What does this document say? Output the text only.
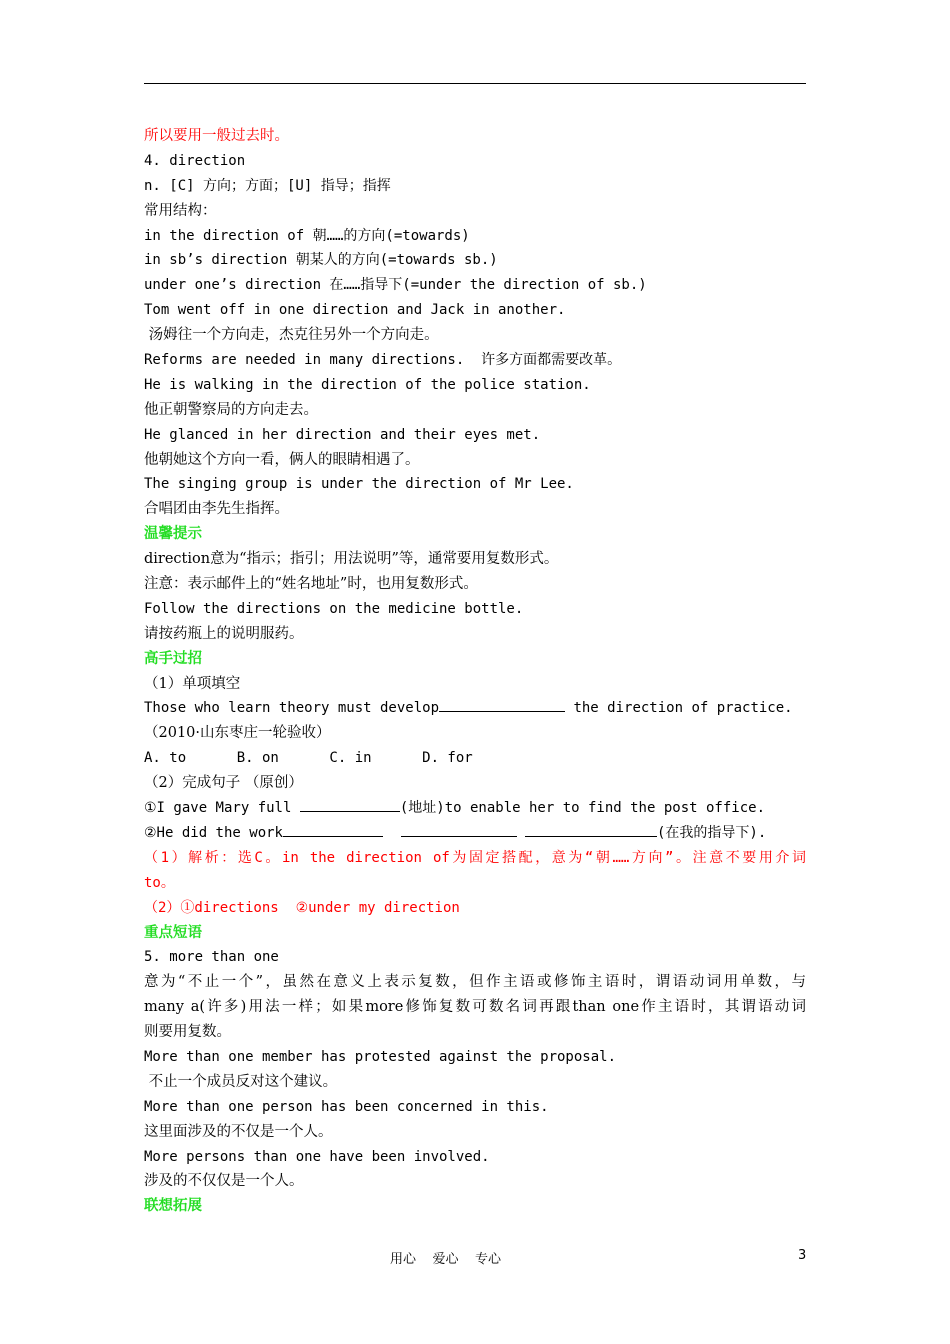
所以要用一般过去时。
4. direction
n. [C] 方向；方面；[U] 指导；指挥
常用结构：
in the direction of 朝……的方向(=towards)
in sb’s direction 朝某人的方向(=towards sb.)
under one’s direction 在……指导下(=under the direction of sb.)
Tom went off in one direction and Jack in another.
汤姆往一个方向走，杰克往另外一个方向走。
Reforms are needed in many directions.  许多方面都需要改革。
He is walking in the direction of the police station.
他正朝警察局的方向走去。
He glanced in her direction and their eyes met.
他朝她这个方向一看，俩人的眼睛相遇了。
The singing group is under the direction of Mr Lee.
合唱团由李先生指挥。
温馨提示
direction意为“指示；指引；用法说明”等，通常要用复数形式。
注意：表示邮件上的“姓名地址”时，也用复数形式。
Follow the directions on the medicine bottle.
请按药瓶上的说明服药。
高手过招
（1）单项填空
Those who learn theory must develop	the direction of practice.
（2010·山东枣庄一轮验收）
A. to      B. on      C. in      D. for
（2）完成句子 （原创）
①I gave Mary full	(地址)to enable her to find the post office.
②He did the work	(在我的指导下).
（1）解析：选C。in the direction of为固定搭配，意为“朝……方向”。注意不要用介词
to。
（2）①directions  ②under my direction
重点短语
5. more than one
意为“不止一个”，虽然在意义上表示复数，但作主语或修饰主语时，谓语动词用单数，与
many a(许多)用法一样；如果more修饰复数可数名词再跟than one作主语时，其谓语动词
则要用复数。
More than one member has protested against the proposal.
不止一个成员反对这个建议。
More than one person has been concerned in this.
这里面涉及的不仅是一个人。
More persons than one have been involved.
涉及的不仅仅是一个人。
联想拓展
用心    爱心    专心	3
